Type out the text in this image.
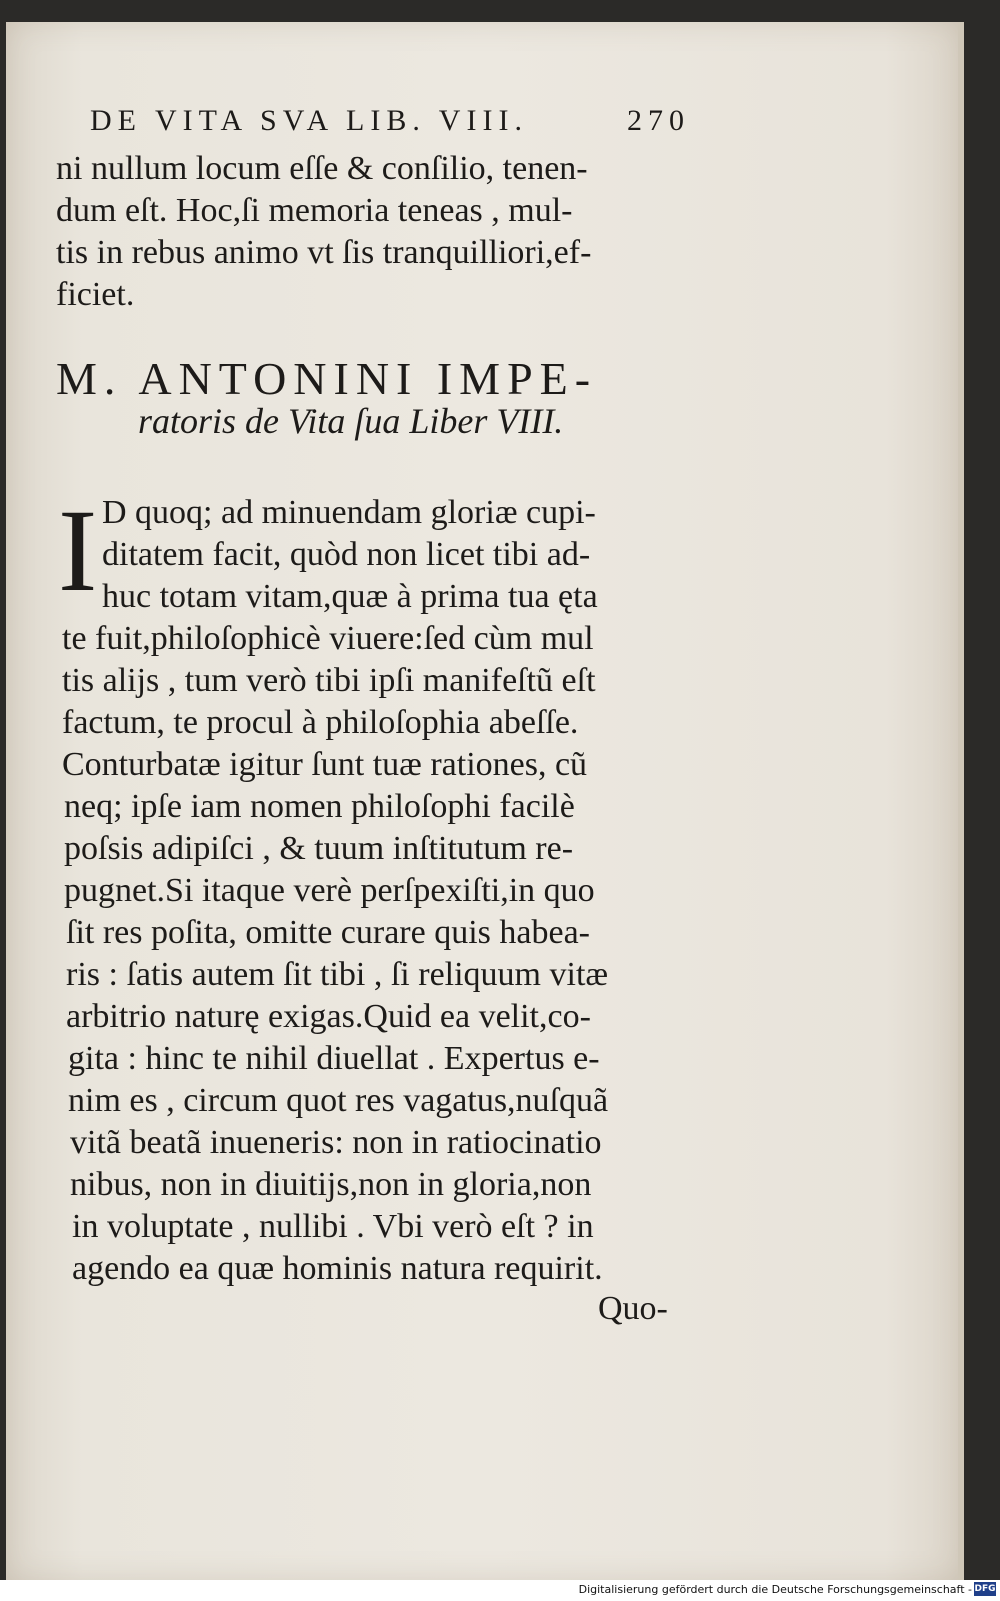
DE VITA SVA LIB. VIII.	270
ni nullum locum eſſe & conſilio, tenen-
dum eſt. Hoc,ſi memoria teneas , mul-
tis in rebus animo vt ſis tranquilliori,ef-
ficiet.
M. ANTONINI IMPE-
ratoris de Vita ſua Liber VIII.
I D quoq; ad minuendam gloriæ cupi-
ditatem facit, quòd non licet tibi ad-
huc totam vitam,quæ à prima tua ęta
te fuit,philoſophicè viuere:ſed cùm mul
tis alijs , tum verò tibi ipſi manifeſtũ eſt
factum, te procul à philoſophia abeſſe.
Conturbatæ igitur ſunt tuæ rationes, cũ
neq; ipſe iam nomen philoſophi facilè
poſsis adipiſci , & tuum inſtitutum re-
pugnet.Si itaque verè perſpexiſti,in quo
ſit res poſita, omitte curare quis habea-
ris : ſatis autem ſit tibi , ſi reliquum vitæ
arbitrio naturę exigas.Quid ea velit,co-
gita : hinc te nihil diuellat . Expertus e-
nim es , circum quot res vagatus,nuſquã
vitã beatã inueneris: non in ratiocinatio
nibus, non in diuitijs,non in gloria,non
in voluptate , nullibi . Vbi verò eſt ? in
agendo ea quæ hominis natura requirit.
Quo-
Digitalisierung gefördert durch die Deutsche Forschungsgemeinschaft - DFG
